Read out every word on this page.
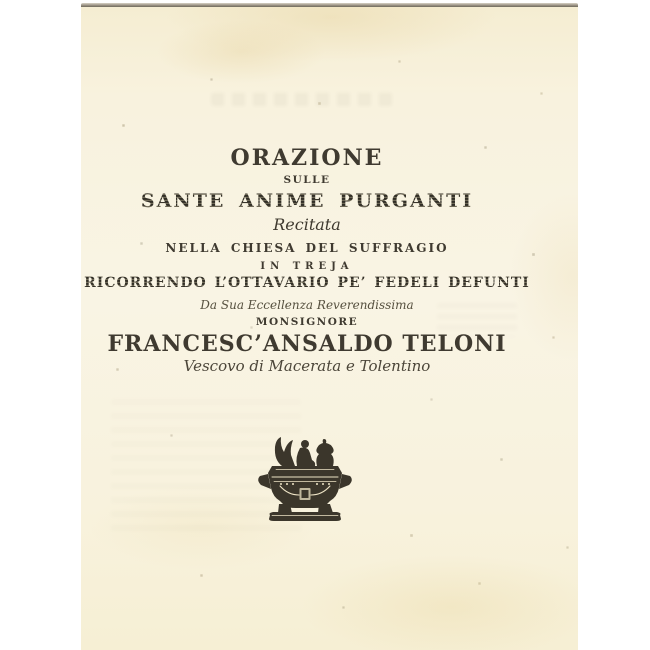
ORAZIONE
SULLE
SANTE ANIME PURGANTI
Recitata
NELLA CHIESA DEL SUFFRAGIO
IN TREJA
RICORRENDO L’OTTAVARIO PE’ FEDELI DEFUNTI
Da Sua Eccellenza Reverendissima
MONSIGNORE
FRANCESC’ANSALDO TELONI
Vescovo di Macerata e Tolentino
